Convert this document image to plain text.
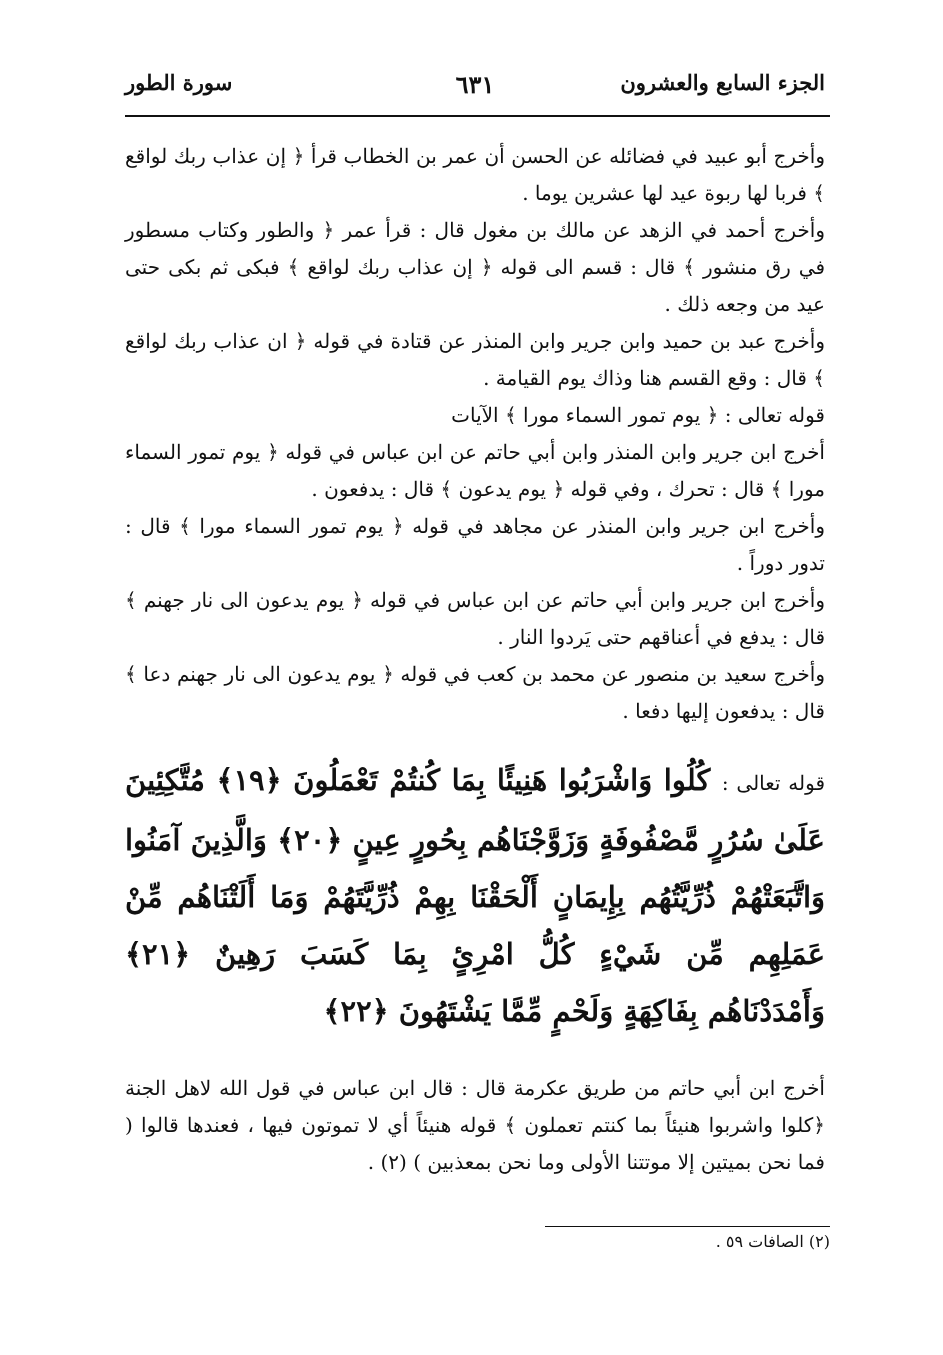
الجزء السابع والعشرون
٦٣١
سورة الطور

وأخرج أبو عبيد في فضائله عن الحسن أن عمر بن الخطاب قرأ ﴿ إن عذاب ربك لواقع ﴾ فربا لها ربوة عيد لها عشرين يوما .

وأخرج أحمد في الزهد عن مالك بن مغول قال : قرأ عمر ﴿ والطور وكتاب مسطور في رق منشور ﴾ قال : قسم الى قوله ﴿ إن عذاب ربك لواقع ﴾ فبكى ثم بكى حتى عيد من وجعه ذلك .

وأخرج عبد بن حميد وابن جرير وابن المنذر عن قتادة في قوله ﴿ ان عذاب ربك لواقع ﴾ قال : وقع القسم هنا وذاك يوم القيامة .

قوله تعالى : ﴿ يوم تمور السماء مورا ﴾ الآيات

أخرج ابن جرير وابن المنذر وابن أبي حاتم عن ابن عباس في قوله ﴿ يوم تمور السماء مورا ﴾ قال : تحرك ، وفي قوله ﴿ يوم يدعون ﴾ قال : يدفعون .

وأخرج ابن جرير وابن المنذر عن مجاهد في قوله ﴿ يوم تمور السماء مورا ﴾ قال : تدور دوراً .

وأخرج ابن جرير وابن أبي حاتم عن ابن عباس في قوله ﴿ يوم يدعون الى نار جهنم ﴾ قال : يدفع في أعناقهم حتى يَردوا النار .

وأخرج سعيد بن منصور عن محمد بن كعب في قوله ﴿ يوم يدعون الى نار جهنم دعا ﴾ قال : يدفعون إليها دفعا .

قوله تعالى : كُلُوا وَاشْرَبُوا هَنِيئًا بِمَا كُنتُمْ تَعْمَلُونَ ﴿١٩﴾ مُتَّكِئِينَ عَلَىٰ سُرُرٍ مَّصْفُوفَةٍ وَزَوَّجْنَاهُم بِحُورٍ عِينٍ ﴿٢٠﴾ وَالَّذِينَ آمَنُوا وَاتَّبَعَتْهُمْ ذُرِّيَّتُهُم بِإِيمَانٍ أَلْحَقْنَا بِهِمْ ذُرِّيَّتَهُمْ وَمَا أَلَتْنَاهُم مِّنْ عَمَلِهِم مِّن شَيْءٍ كُلُّ امْرِئٍ بِمَا كَسَبَ رَهِينٌ ﴿٢١﴾ وَأَمْدَدْنَاهُم بِفَاكِهَةٍ وَلَحْمٍ مِّمَّا يَشْتَهُونَ ﴿٢٢﴾

أخرج ابن أبي حاتم من طريق عكرمة قال : قال ابن عباس في قول الله لاهل الجنة ﴿كلوا واشربوا هنيئاً بما كنتم تعملون ﴾ قوله هنيئاً أي لا تموتون فيها ، فعندها قالوا ( فما نحن بميتين إلا موتتنا الأولى وما نحن بمعذبين ) (٢) .

(٢) الصافات ٥٩ .
